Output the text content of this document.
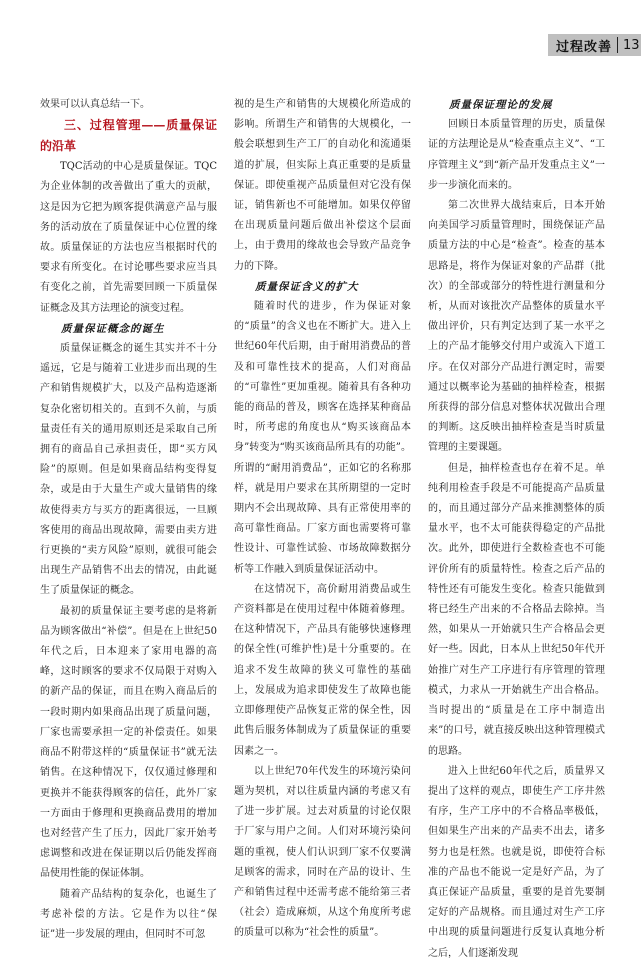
过程改善 13

效果可以认真总结一下。

三、过程管理——质量保证的沿革

TQC活动的中心是质量保证。TQC为企业体制的改善做出了重大的贡献，这是因为它把为顾客提供满意产品与服务的活动放在了质量保证中心位置的缘故。质量保证的方法也应当根据时代的要求有所变化。在讨论哪些要求应当具有变化之前，首先需要回顾一下质量保证概念及其方法理论的演变过程。

质量保证概念的诞生

质量保证概念的诞生其实并不十分遥远，它是与随着工业进步而出现的生产和销售规模扩大，以及产品构造逐渐复杂化密切相关的。直到不久前，与质量责任有关的通用原则还是采取自己所拥有的商品自己承担责任，即“买方风险”的原则。但是如果商品结构变得复杂，或是由于大量生产或大量销售的缘故使得卖方与买方的距离很远，一旦顾客使用的商品出现故障，需要由卖方进行更换的“卖方风险”原则，就很可能会出现生产品销售不出去的情况，由此诞生了质量保证的概念。

最初的质量保证主要考虑的是将新品为顾客做出“补偿”。但是在上世纪50年代之后，日本迎来了家用电器的高峰，这时顾客的要求不仅局限于对购入的新产品的保证，而且在购入商品后的一段时期内如果商品出现了质量问题，厂家也需要承担一定的补偿责任。如果商品不附带这样的“质量保证书”就无法销售。在这种情况下，仅仅通过修理和更换并不能获得顾客的信任，此外厂家一方面由于修理和更换商品费用的增加也对经营产生了压力，因此厂家开始考虑调整和改进在保证期以后仍能发挥商品使用性能的保证体制。

随着产品结构的复杂化，也诞生了考虑补偿的方法。它是作为以往“保证”进一步发展的理由，但同时不可忽

视的是生产和销售的大规模化所造成的影响。所谓生产和销售的大规模化，一般会联想到生产工厂的自动化和流通渠道的扩展，但实际上真正重要的是质量保证。即使重视产品质量但对它没有保证，销售新也不可能增加。如果仅停留在出现质量问题后做出补偿这个层面上，由于费用的缘故也会导致产品竞争力的下降。

质量保证含义的扩大

随着时代的进步，作为保证对象的“质量”的含义也在不断扩大。进入上世纪60年代后期，由于耐用消费品的普及和可靠性技术的提高，人们对商品的“可靠性”更加重视。随着具有各种功能的商品的普及，顾客在选择某种商品时，所考虑的角度也从“购买该商品本身”转变为“购买该商品所具有的功能”。所谓的“耐用消费品”，正如它的名称那样，就是用户要求在其所期望的一定时期内不会出现故障、具有正常使用率的高可靠性商品。厂家方面也需要将可靠性设计、可靠性试验、市场故障数据分析等工作融入到质量保证活动中。

在这情况下，高价耐用消费品或生产资料都是在使用过程中体随着修理。在这种情况下，产品具有能够快速修理的保全性(可维护性)是十分重要的。在追求不发生故障的狭义可靠性的基础上，发展成为追求即使发生了故障也能立即修理使产品恢复正常的保全性，因此售后服务体制成为了质量保证的重要因素之一。

以上世纪70年代发生的环境污染问题为契机，对以往质量内涵的考虑又有了进一步扩展。过去对质量的讨论仅限于厂家与用户之间。人们对环境污染问题的重视，使人们认识到厂家不仅要满足顾客的需求，同时在产品的设计、生产和销售过程中还需考虑不能给第三者（社会）造成麻烦，从这个角度所考虑的质量可以称为“社会性的质量”。

质量保证理论的发展

回顾日本质量管理的历史，质量保证的方法理论是从“检查重点主义”、“工序管理主义”到“新产品开发重点主义”一步一步演化而来的。

第二次世界大战结束后，日本开始向美国学习质量管理时，围绕保证产品质量方法的中心是“检查”。检查的基本思路是，将作为保证对象的产品群（批次）的全部或部分的特性进行测量和分析，从而对该批次产品整体的质量水平做出评价，只有判定达到了某一水平之上的产品才能够交付用户或流入下道工序。在仅对部分产品进行测定时，需要通过以概率论为基础的抽样检查，根据所获得的部分信息对整体状况做出合理的判断。这反映出抽样检查是当时质量管理的主要课题。

但是，抽样检查也存在着不足。单纯利用检查手段是不可能提高产品质量的，而且通过部分产品来推测整体的质量水平，也不太可能获得稳定的产品批次。此外，即使进行全数检查也不可能评价所有的质量特性。检查之后产品的特性还有可能发生变化。检查只能做到将已经生产出来的不合格品去除掉。当然，如果从一开始就只生产合格品会更好一些。因此，日本从上世纪50年代开始推广对生产工序进行有序管理的管理模式，力求从一开始就生产出合格品。当时提出的“质量是在工序中制造出来”的口号，就直接反映出这种管理模式的思路。

进入上世纪60年代之后，质量界又提出了这样的观点，即使生产工序井然有序，生产工序中的不合格品率极低，但如果生产出来的产品卖不出去，诸多努力也是枉然。也就是说，即使符合标准的产品也不能说一定是好产品，为了真正保证产品质量，重要的是首先要制定好的产品规格。而且通过对生产工序中出现的质量问题进行反复认真地分析之后，人们逐渐发现
